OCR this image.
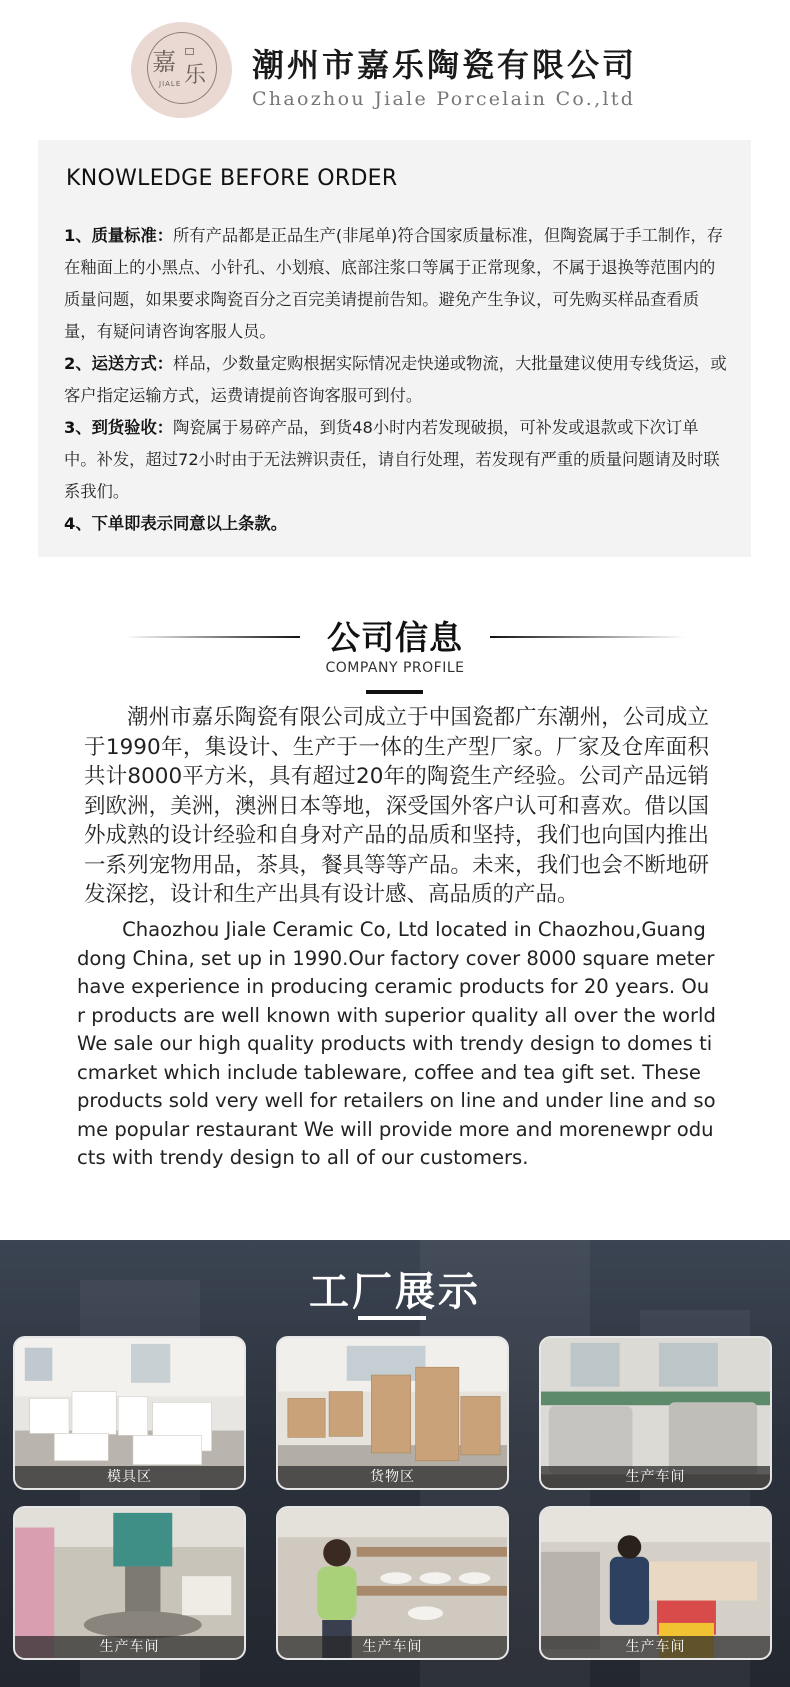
嘉 乐
JIALE 潮州市嘉乐陶瓷有限公司
Chaozhou Jiale Porcelain Co.,ltd
KNOWLEDGE BEFORE ORDER

1、质量标准：所有产品都是正品生产(非尾单)符合国家质量标准，但陶瓷属于手工制作，存在釉面上的小黑点、小针孔、小划痕、底部注浆口等属于正常现象，不属于退换等范围内的质量问题，如果要求陶瓷百分之百完美请提前告知。避免产生争议，可先购买样品查看质量，有疑问请咨询客服人员。

2、运送方式：样品，少数量定购根据实际情况走快递或物流，大批量建议使用专线货运，或客户指定运输方式，运费请提前咨询客服可到付。

3、到货验收：陶瓷属于易碎产品，到货48小时内若发现破损，可补发或退款或下次订单中。补发，超过72小时由于无法辨识责任，请自行处理，若发现有严重的质量问题请及时联系我们。

4、下单即表示同意以上条款。

公司信息
COMPANY PROFILE

潮州市嘉乐陶瓷有限公司成立于中国瓷都广东潮州，公司成立于1990年，集设计、生产于一体的生产型厂家。厂家及仓库面积共计8000平方米，具有超过20年的陶瓷生产经验。公司产品远销到欧洲，美洲，澳洲日本等地，深受国外客户认可和喜欢。借以国外成熟的设计经验和自身对产品的品质和坚持，我们也向国内推出一系列宠物用品，茶具，餐具等等产品。未来，我们也会不断地研发深挖，设计和生产出具有设计感、高品质的产品。

Chaozhou Jiale Ceramic Co, Ltd located in Chaozhou,Guang dong China, set up in 1990.Our factory cover 8000 square meter have experience in producing ceramic products for 20 years. Our products are well known with superior quality all over the world We sale our high quality products with trendy design to domes ticmarket which include tableware, coffee and tea gift set. These products sold very well for retailers on line and under line and some popular restaurant We will provide more and morenewpr oducts with trendy design to all of our customers.

工厂展示
模具区	货物区	生产车间
生产车间	生产车间	生产车间
